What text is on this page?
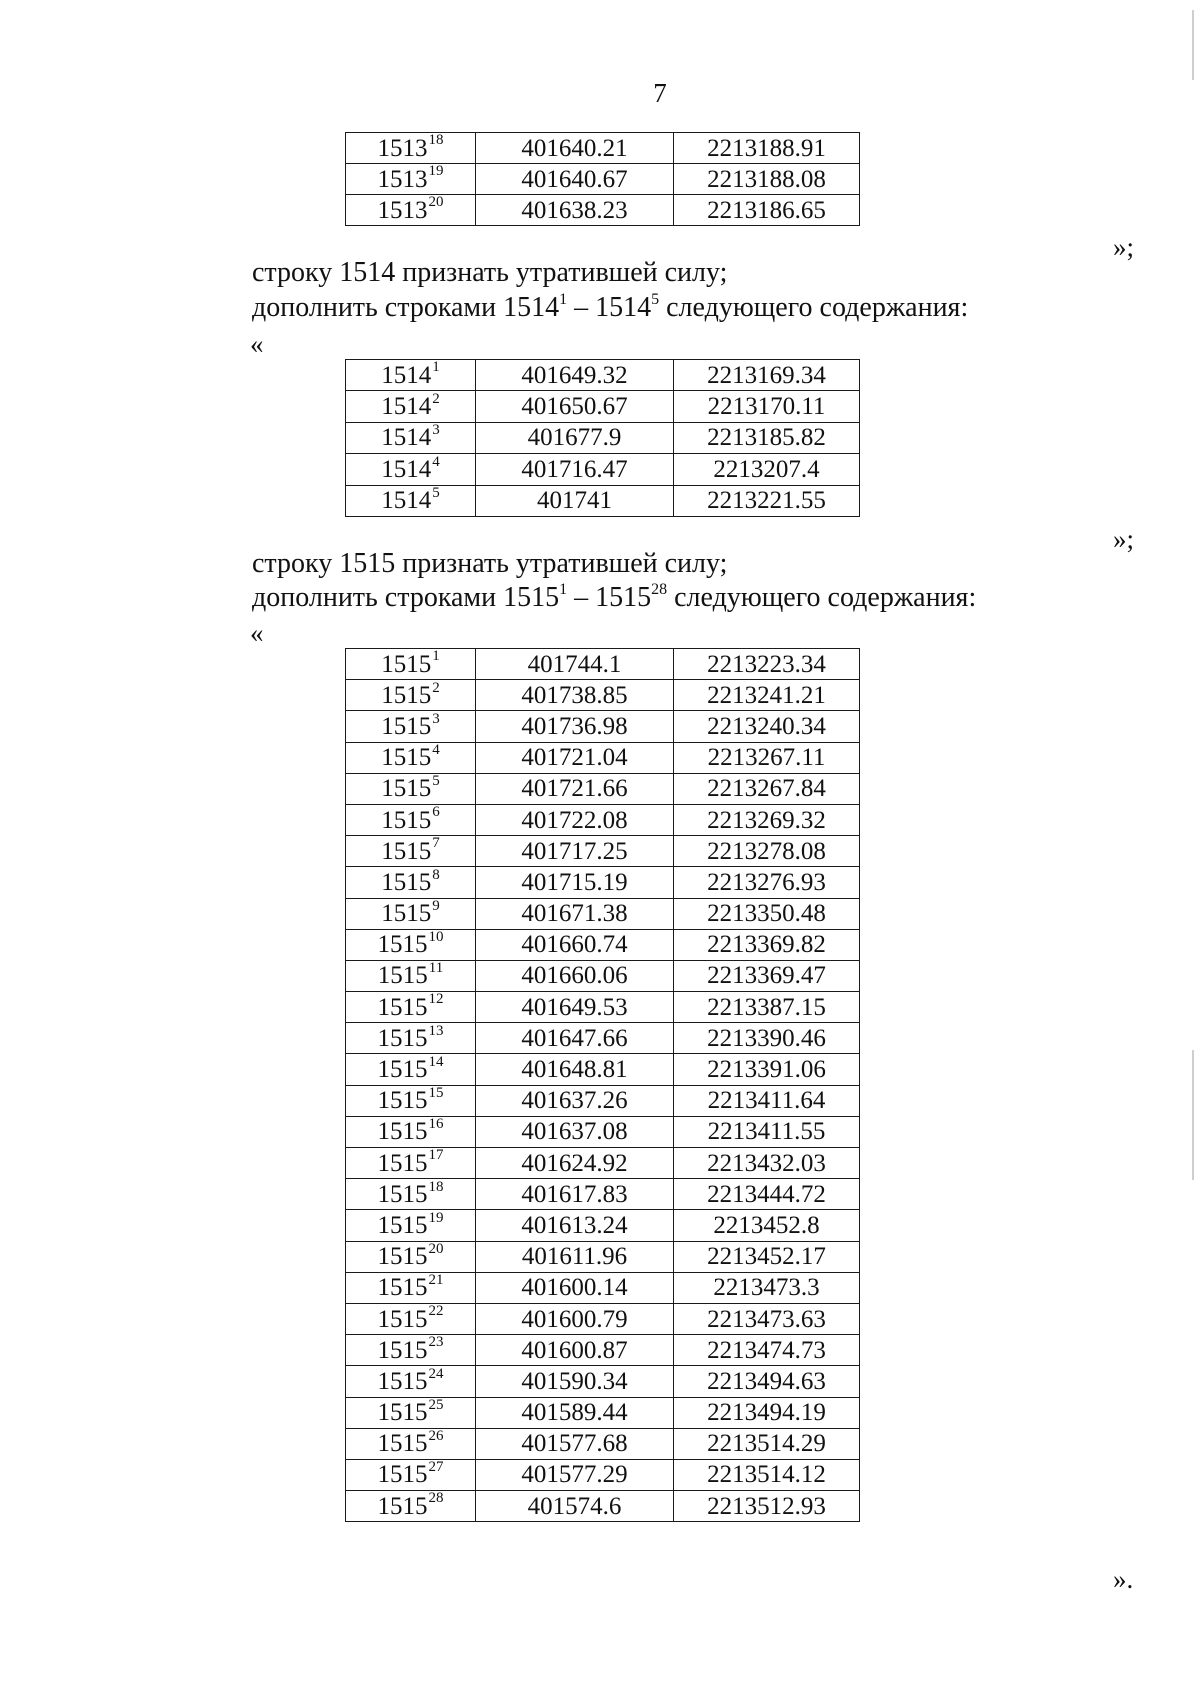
7
1513$^{18}$	401640.21	2213188.91
1513$^{19}$	401640.67	2213188.08
1513$^{20}$	401638.23	2213186.65
»;
строку 1514 признать утратившей силу;
дополнить строками 1514$^1$ – 1514$^5$ следующего содержания:
«
1514$^1$	401649.32	2213169.34
1514$^2$	401650.67	2213170.11
1514$^3$	401677.9	2213185.82
1514$^4$	401716.47	2213207.4
1514$^5$	401741	2213221.55
»;
строку 1515 признать утратившей силу;
дополнить строками 1515$^1$ – 1515$^{28}$ следующего содержания:
«
1515$^1$	401744.1	2213223.34
1515$^2$	401738.85	2213241.21
1515$^3$	401736.98	2213240.34
1515$^4$	401721.04	2213267.11
1515$^5$	401721.66	2213267.84
1515$^6$	401722.08	2213269.32
1515$^7$	401717.25	2213278.08
1515$^8$	401715.19	2213276.93
1515$^9$	401671.38	2213350.48
1515$^{10}$	401660.74	2213369.82
1515$^{11}$	401660.06	2213369.47
1515$^{12}$	401649.53	2213387.15
1515$^{13}$	401647.66	2213390.46
1515$^{14}$	401648.81	2213391.06
1515$^{15}$	401637.26	2213411.64
1515$^{16}$	401637.08	2213411.55
1515$^{17}$	401624.92	2213432.03
1515$^{18}$	401617.83	2213444.72
1515$^{19}$	401613.24	2213452.8
1515$^{20}$	401611.96	2213452.17
1515$^{21}$	401600.14	2213473.3
1515$^{22}$	401600.79	2213473.63
1515$^{23}$	401600.87	2213474.73
1515$^{24}$	401590.34	2213494.63
1515$^{25}$	401589.44	2213494.19
1515$^{26}$	401577.68	2213514.29
1515$^{27}$	401577.29	2213514.12
1515$^{28}$	401574.6	2213512.93
».
